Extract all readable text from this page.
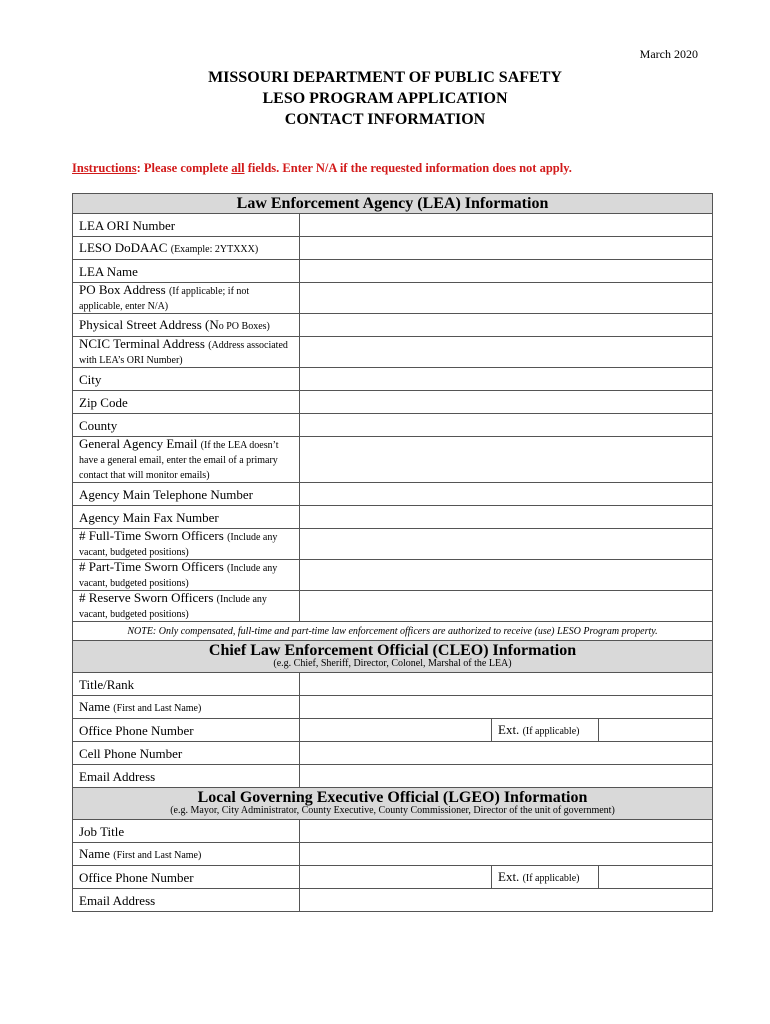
March 2020
MISSOURI DEPARTMENT OF PUBLIC SAFETY
LESO PROGRAM APPLICATION
CONTACT INFORMATION
Instructions: Please complete all fields. Enter N/A if the requested information does not apply.
Law Enforcement Agency (LEA) Information			
LEA ORI Number			
LESO DoDAAC (Example: 2YTXXX)			
LEA Name			
PO Box Address (If applicable; if not applicable, enter N/A)			
Physical Street Address (No PO Boxes)			
NCIC Terminal Address (Address associated with LEA’s ORI Number)			
City			
Zip Code			
County			
General Agency Email (If the LEA doesn’t have a general email, enter the email of a primary contact that will monitor emails)			
Agency Main Telephone Number			
Agency Main Fax Number			
# Full-Time Sworn Officers (Include any vacant, budgeted positions)			
# Part-Time Sworn Officers (Include any vacant, budgeted positions)			
# Reserve Sworn Officers (Include any vacant, budgeted positions)			
NOTE: Only compensated, full-time and part-time law enforcement officers are authorized to receive (use) LESO Program property.			
Chief Law Enforcement Official (CLEO) Information
(e.g. Chief, Sheriff, Director, Colonel, Marshal of the LEA)			

Title/Rank			
Name (First and Last Name)			
Office Phone Number		Ext. (If applicable)	
Cell Phone Number			
Email Address			
Local Governing Executive Official (LGEO) Information
(e.g. Mayor, City Administrator, County Executive, County Commissioner, Director of the unit of government)			

Job Title			
Name (First and Last Name)			
Office Phone Number		Ext. (If applicable)	
Email Address			
